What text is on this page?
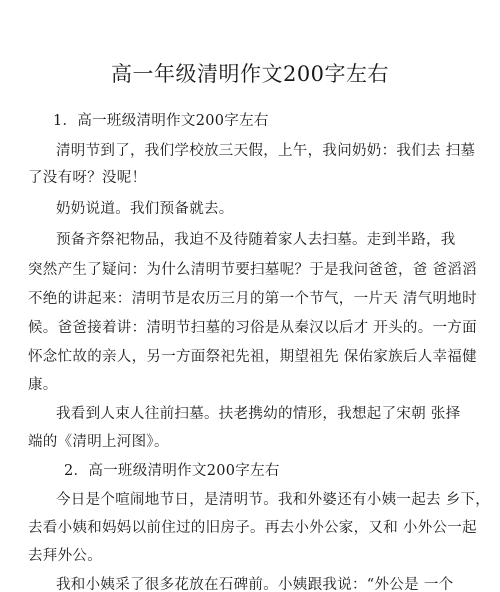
高一年级清明作文200字左右
1．高一班级清明作文200字左右
清明节到了，我们学校放三天假，上午，我问奶奶：我们去 扫墓
了没有呀？没呢！
奶奶说道。我们预备就去。
预备齐祭祀物品，我迫不及待随着家人去扫墓。走到半路，我
突然产生了疑问：为什么清明节要扫墓呢？于是我问爸爸，爸 爸滔滔
不绝的讲起来：清明节是农历三月的第一个节气，一片天 清气明地时
候。爸爸接着讲：清明节扫墓的习俗是从秦汉以后才 开头的。一方面
怀念忙故的亲人，另一方面祭祀先祖，期望祖先 保佑家族后人幸福健
康。
我看到人束人往前扫墓。扶老携幼的情形，我想起了宋朝 张择
端的《清明上河图》。
2．高一班级清明作文200字左右
今日是个喧闹地节日，是清明节。我和外婆还有小姨一起去 乡下，
去看小姨和妈妈以前住过的旧房子。再去小外公家，又和 小外公一起
去拜外公。
我和小姨采了很多花放在石碑前。小姨跟我说：“外公是 一个
